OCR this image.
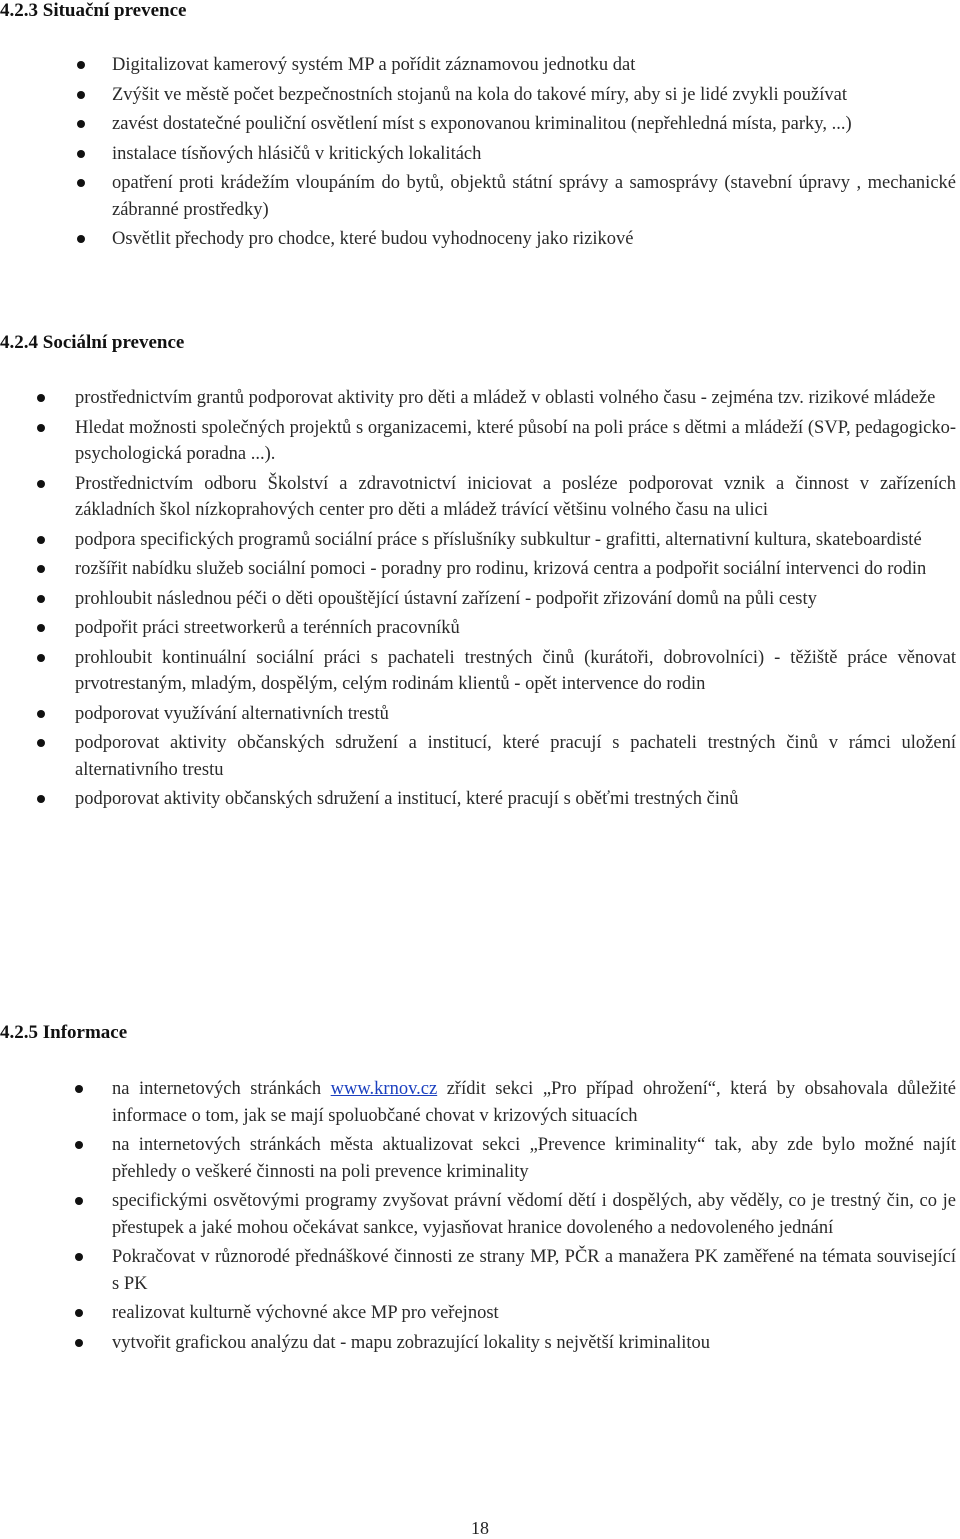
4.2.3 Situační prevence
Digitalizovat kamerový systém MP a pořídit záznamovou jednotku dat
Zvýšit ve městě počet bezpečnostních stojanů na kola do takové míry, aby si je lidé zvykli používat
zavést dostatečné pouliční osvětlení míst s exponovanou kriminalitou (nepřehledná místa, parky, ...)
instalace tísňových hlásičů v kritických lokalitách
opatření proti krádežím vloupáním do bytů, objektů státní správy a samosprávy (stavební úpravy , mechanické zábranné prostředky)
Osvětlit přechody pro chodce, které budou vyhodnoceny jako rizikové
4.2.4 Sociální prevence
prostřednictvím grantů podporovat aktivity pro děti a mládež v oblasti volného času - zejména tzv. rizikové mládeže
Hledat možnosti společných projektů s organizacemi, které působí na poli práce s dětmi a mládeží (SVP, pedagogicko-psychologická poradna ...).
Prostřednictvím odboru Školství a zdravotnictví iniciovat a posléze podporovat vznik a činnost v zařízeních základních škol nízkoprahových center pro děti a mládež trávící většinu volného času na ulici
podpora specifických programů sociální práce s příslušníky subkultur - grafitti, alternativní kultura, skateboardisté
rozšířit nabídku služeb sociální pomoci - poradny pro rodinu, krizová centra a podpořit sociální intervenci do rodin
prohloubit následnou péči o děti opouštějící ústavní zařízení - podpořit zřizování domů na půli cesty
podpořit práci streetworkerů a terénních pracovníků
prohloubit kontinuální sociální práci s pachateli trestných činů (kurátoři, dobrovolníci) - těžiště práce věnovat prvotrestaným, mladým, dospělým, celým rodinám klientů - opět intervence do rodin
podporovat využívání alternativních trestů
podporovat aktivity občanských sdružení a institucí, které pracují s pachateli trestných činů v rámci uložení alternativního trestu
podporovat aktivity občanských sdružení a institucí, které pracují s oběťmi trestných činů
4.2.5 Informace
na internetových stránkách www.krnov.cz zřídit sekci „Pro případ ohrožení“, která by obsahovala důležité informace o tom, jak se mají spoluobčané chovat v krizových situacích
na internetových stránkách města aktualizovat sekci „Prevence kriminality“ tak, aby zde bylo možné najít přehledy o veškeré činnosti na poli prevence kriminality
specifickými osvětovými programy zvyšovat právní vědomí dětí i dospělých, aby věděly, co je trestný čin, co je přestupek a jaké mohou očekávat sankce, vyjasňovat hranice dovoleného a nedovoleného jednání
Pokračovat v různorodé přednáškové činnosti ze strany MP, PČR a manažera PK zaměřené na témata související s PK
realizovat kulturně výchovné akce MP pro veřejnost
vytvořit grafickou analýzu dat - mapu zobrazující lokality s největší kriminalitou
18
